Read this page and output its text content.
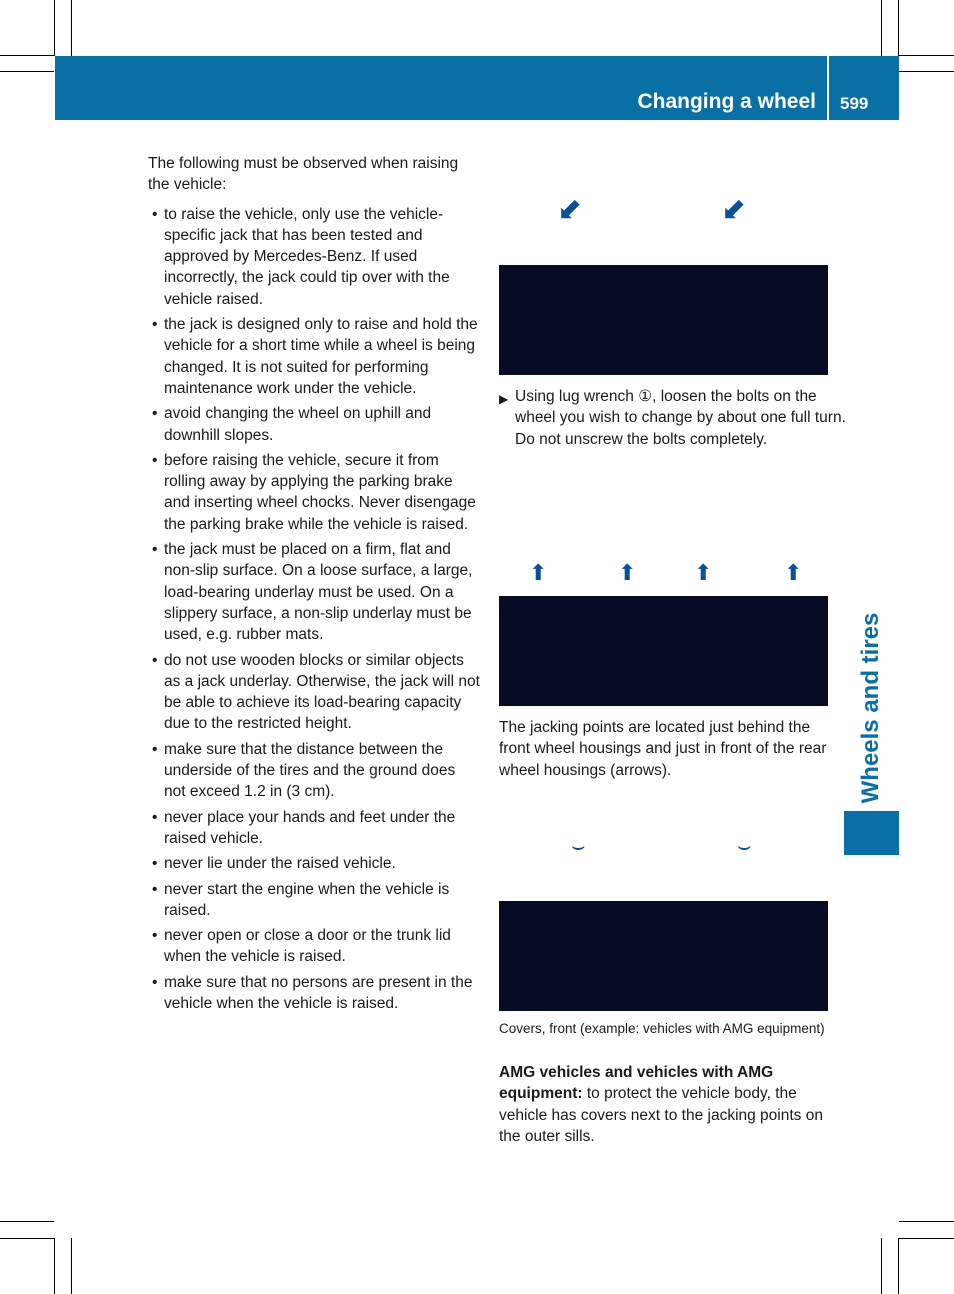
Changing a wheel 599
Wheels and tires

The following must be observed when raising the vehicle:

• to raise the vehicle, only use the vehicle-specific jack that has been tested and approved by Mercedes-Benz. If used incorrectly, the jack could tip over with the vehicle raised.
• the jack is designed only to raise and hold the vehicle for a short time while a wheel is being changed. It is not suited for performing maintenance work under the vehicle.
• avoid changing the wheel on uphill and downhill slopes.
• before raising the vehicle, secure it from rolling away by applying the parking brake and inserting wheel chocks. Never disengage the parking brake while the vehicle is raised.
• the jack must be placed on a firm, flat and non-slip surface. On a loose surface, a large, load-bearing underlay must be used. On a slippery surface, a non-slip underlay must be used, e.g. rubber mats.
• do not use wooden blocks or similar objects as a jack underlay. Otherwise, the jack will not be able to achieve its load-bearing capacity due to the restricted height.
• make sure that the distance between the underside of the tires and the ground does not exceed 1.2 in (3 cm).
• never place your hands and feet under the raised vehicle.
• never lie under the raised vehicle.
• never start the engine when the vehicle is raised.
• never open or close a door or the trunk lid when the vehicle is raised.
• make sure that no persons are present in the vehicle when the vehicle is raised.
⬋	⬋
▶ Using lug wrench ①, loosen the bolts on the wheel you wish to change by about one full turn. Do not unscrew the bolts completely.
⬆	⬆	⬆	⬆
The jacking points are located just behind the front wheel housings and just in front of the rear wheel housings (arrows).
⌣	⌣
Covers, front (example: vehicles with AMG equipment)
AMG vehicles and vehicles with AMG equipment: to protect the vehicle body, the vehicle has covers next to the jacking points on the outer sills.
